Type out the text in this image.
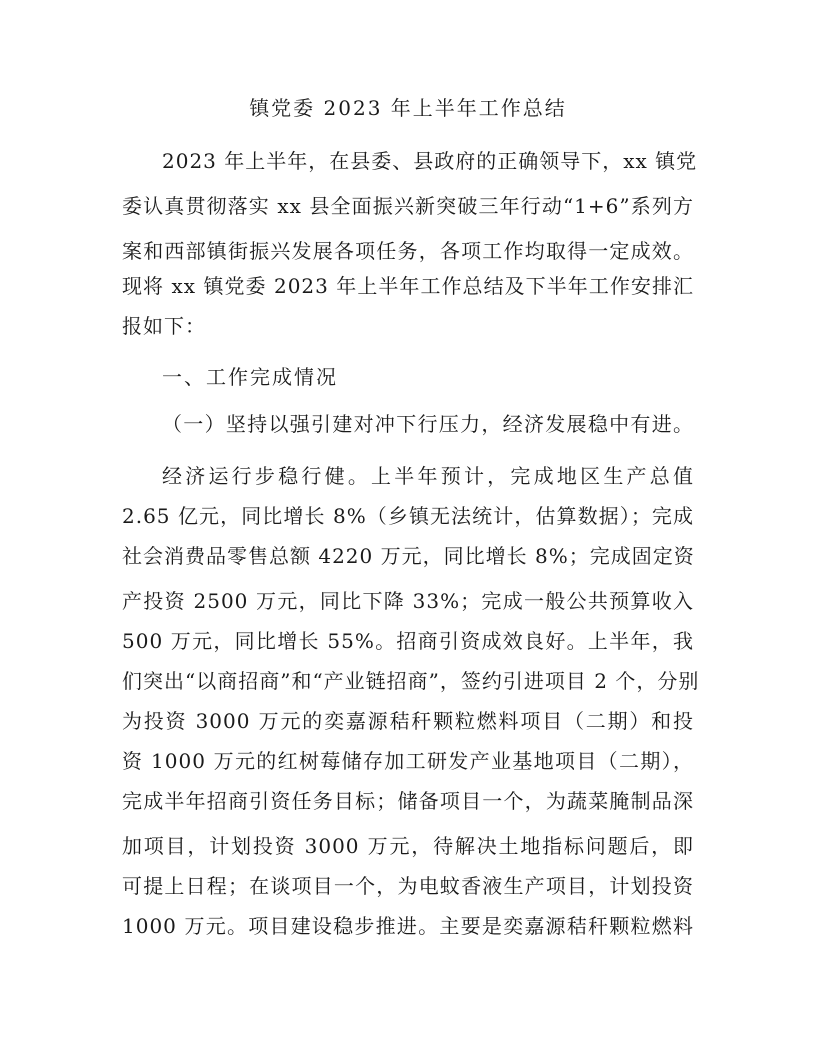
镇党委 2023 年上半年工作总结
2023 年上半年，在县委、县政府的正确领导下，xx 镇党
委认真贯彻落实 xx 县全面振兴新突破三年行动“1+6”系列方
案和西部镇街振兴发展各项任务，各项工作均取得一定成效。
现将 xx 镇党委 2023 年上半年工作总结及下半年工作安排汇
报如下：
一、工作完成情况
（一）坚持以强引建对冲下行压力，经济发展稳中有进。
经济运行步稳行健。上半年预计，完成地区生产总值
2.65 亿元，同比增长 8%（乡镇无法统计，估算数据）；完成
社会消费品零售总额 4220 万元，同比增长 8%；完成固定资
产投资 2500 万元，同比下降 33%；完成一般公共预算收入
500 万元，同比增长 55%。招商引资成效良好。上半年，我
们突出“以商招商”和“产业链招商”，签约引进项目 2 个，分别
为投资 3000 万元的奕嘉源秸秆颗粒燃料项目（二期）和投
资 1000 万元的红树莓储存加工研发产业基地项目（二期），
完成半年招商引资任务目标；储备项目一个，为蔬菜腌制品深
加项目，计划投资 3000 万元，待解决土地指标问题后，即
可提上日程；在谈项目一个，为电蚊香液生产项目，计划投资
1000 万元。项目建设稳步推进。主要是奕嘉源秸秆颗粒燃料
